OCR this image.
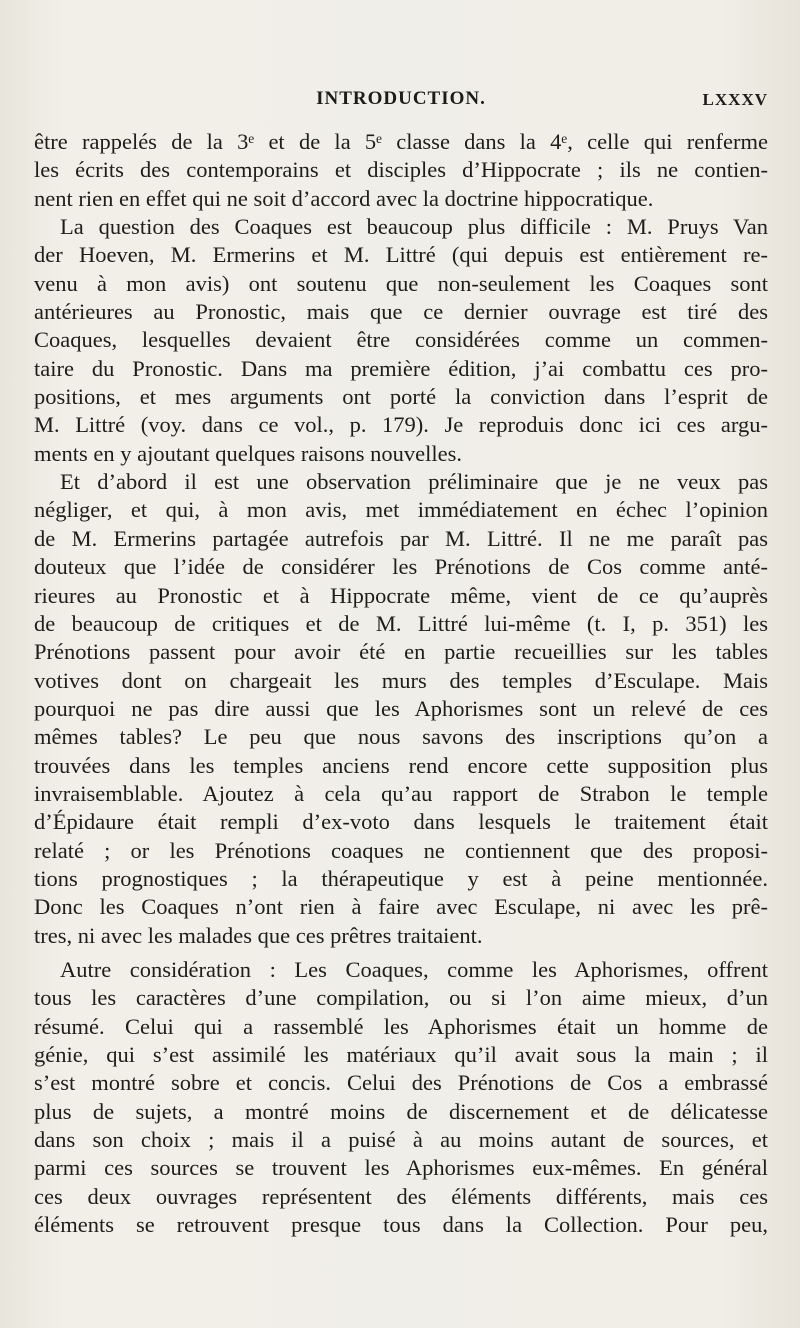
INTRODUCTION.	LXXXV
être rappelés de la 3ᵉ et de la 5ᵉ classe dans la 4ᵉ, celle qui renferme
les écrits des contemporains et disciples d’Hippocrate ; ils ne contien-
nent rien en effet qui ne soit d’accord avec la doctrine hippocratique.
La question des Coaques est beaucoup plus difficile : M. Pruys Van
der Hoeven, M. Ermerins et M. Littré (qui depuis est entièrement re-
venu à mon avis) ont soutenu que non-seulement les Coaques sont
antérieures au Pronostic, mais que ce dernier ouvrage est tiré des
Coaques, lesquelles devaient être considérées comme un commen-
taire du Pronostic. Dans ma première édition, j’ai combattu ces pro-
positions, et mes arguments ont porté la conviction dans l’esprit de
M. Littré (voy. dans ce vol., p. 179). Je reproduis donc ici ces argu-
ments en y ajoutant quelques raisons nouvelles.
Et d’abord il est une observation préliminaire que je ne veux pas
négliger, et qui, à mon avis, met immédiatement en échec l’opinion
de M. Ermerins partagée autrefois par M. Littré. Il ne me paraît pas
douteux que l’idée de considérer les Prénotions de Cos comme anté-
rieures au Pronostic et à Hippocrate même, vient de ce qu’auprès
de beaucoup de critiques et de M. Littré lui-même (t. I, p. 351) les
Prénotions passent pour avoir été en partie recueillies sur les tables
votives dont on chargeait les murs des temples d’Esculape. Mais
pourquoi ne pas dire aussi que les Aphorismes sont un relevé de ces
mêmes tables? Le peu que nous savons des inscriptions qu’on a
trouvées dans les temples anciens rend encore cette supposition plus
invraisemblable. Ajoutez à cela qu’au rapport de Strabon le temple
d’Épidaure était rempli d’ex-voto dans lesquels le traitement était
relaté ; or les Prénotions coaques ne contiennent que des proposi-
tions prognostiques ; la thérapeutique y est à peine mentionnée.
Donc les Coaques n’ont rien à faire avec Esculape, ni avec les prê-
tres, ni avec les malades que ces prêtres traitaient.
Autre considération : Les Coaques, comme les Aphorismes, offrent
tous les caractères d’une compilation, ou si l’on aime mieux, d’un
résumé. Celui qui a rassemblé les Aphorismes était un homme de
génie, qui s’est assimilé les matériaux qu’il avait sous la main ; il
s’est montré sobre et concis. Celui des Prénotions de Cos a embrassé
plus de sujets, a montré moins de discernement et de délicatesse
dans son choix ; mais il a puisé à au moins autant de sources, et
parmi ces sources se trouvent les Aphorismes eux-mêmes. En général
ces deux ouvrages représentent des éléments différents, mais ces
éléments se retrouvent presque tous dans la Collection. Pour peu,
